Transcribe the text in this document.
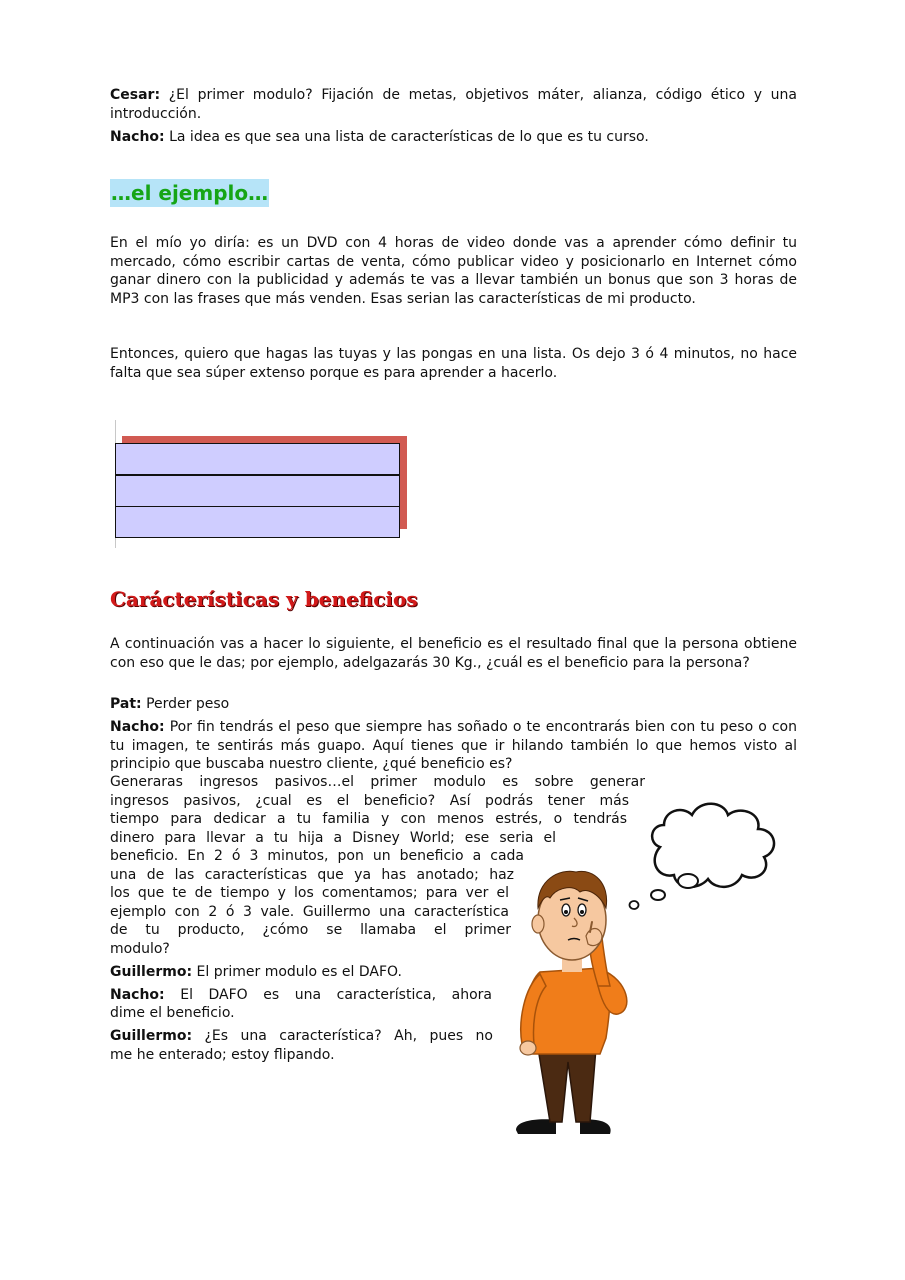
Cesar: ¿El primer modulo? Fijación de metas, objetivos máter, alianza, código ético y una introducción.

Nacho: La idea es que sea una lista de características de lo que es tu curso.

…el ejemplo…

En el mío yo diría: es un DVD con 4 horas de video donde vas a aprender cómo definir tu mercado, cómo escribir cartas de venta, cómo publicar video y posicionarlo en Internet cómo ganar dinero con la publicidad y además te vas a llevar también un bonus que son 3 horas de MP3 con las frases que más venden. Esas serian las características de mi producto.

Entonces, quiero que hagas las tuyas y las pongas en una lista. Os dejo 3 ó 4 minutos, no hace falta que sea súper extenso porque es para aprender a hacerlo.

Carácterísticas y beneficios

A continuación vas a hacer lo siguiente, el beneficio es el resultado final que la persona obtiene con eso que le das; por ejemplo, adelgazarás 30 Kg., ¿cuál es el beneficio para la persona?

Pat: Perder peso

Nacho: Por fin tendrás el peso que siempre has soñado o te encontrarás bien con tu peso o con tu imagen, te sentirás más guapo. Aquí tienes que ir hilando también lo que hemos visto al principio que buscaba nuestro cliente, ¿qué beneficio es?

Generaras ingresos pasivos…el primer modulo es sobre generar

ingresos pasivos, ¿cual es el beneficio? Así podrás tener más

tiempo para dedicar a tu familia y con menos estrés, o tendrás

dinero para llevar a tu hija a Disney World; ese seria el

beneficio. En 2 ó 3 minutos, pon un beneficio a cada

una de las características que ya has anotado; haz

los que te de tiempo y los comentamos; para ver el

ejemplo con 2 ó 3 vale. Guillermo una característica

de tu producto, ¿cómo se llamaba el primer

modulo?

Guillermo: El primer modulo es el DAFO.

Nacho: El DAFO es una característica, ahora

dime el beneficio.

Guillermo: ¿Es una característica? Ah, pues no

me he enterado; estoy flipando.
